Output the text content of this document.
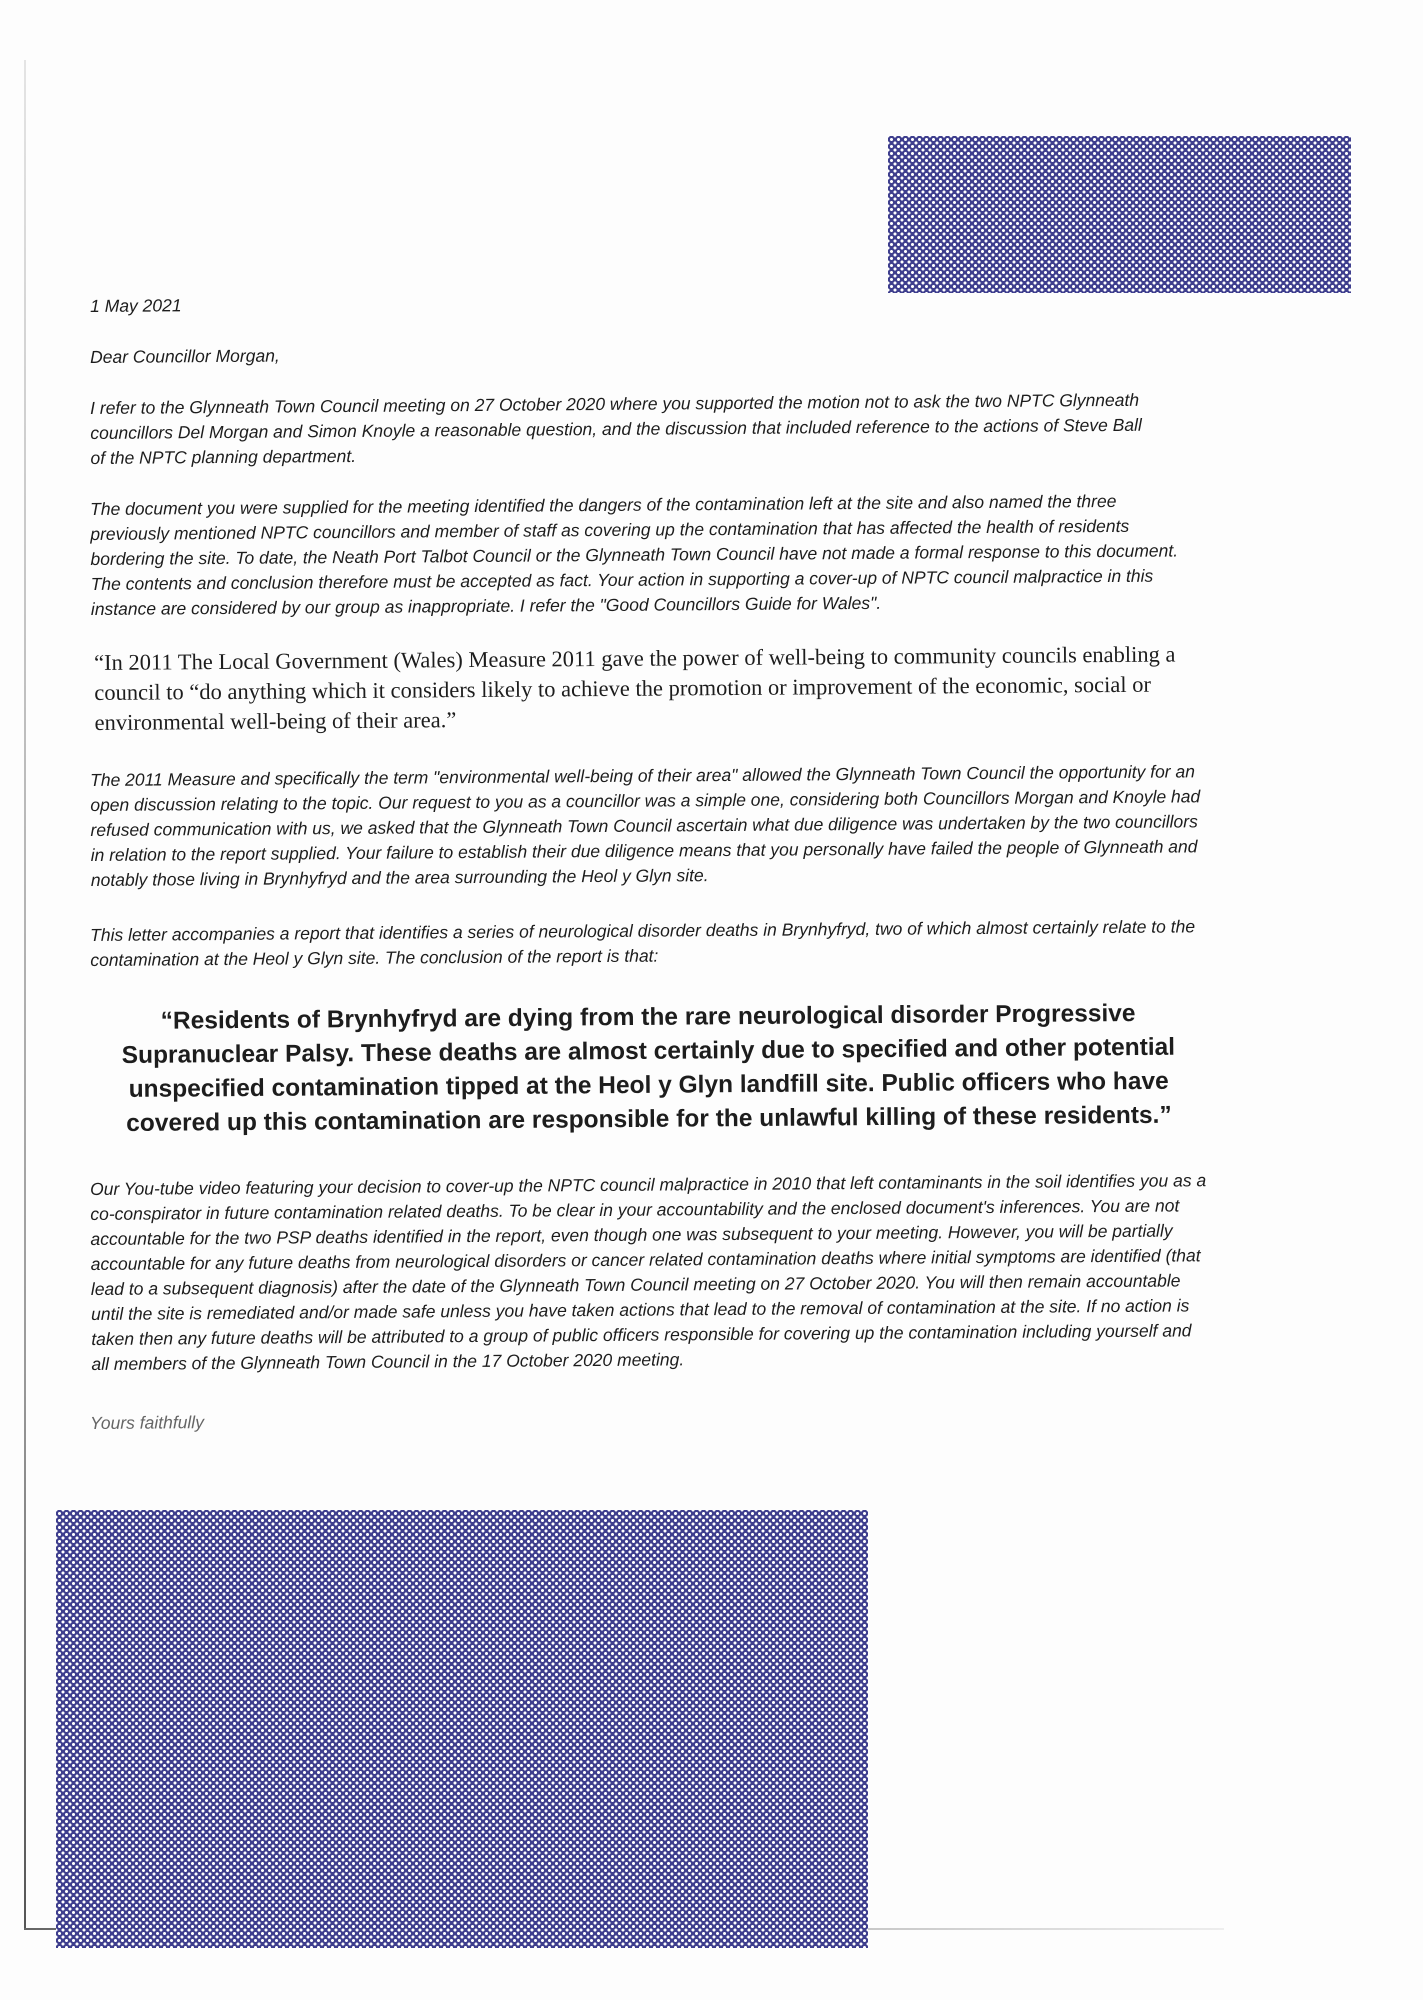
1 May 2021

Dear Councillor Morgan,

I refer to the Glynneath Town Council meeting on 27 October 2020 where you supported the motion not to ask the two NPTC Glynneath councillors Del Morgan and Simon Knoyle a reasonable question, and the discussion that included reference to the actions of Steve Ball of the NPTC planning department.

The document you were supplied for the meeting identified the dangers of the contamination left at the site and also named the three previously mentioned NPTC councillors and member of staff as covering up the contamination that has affected the health of residents bordering the site. To date, the Neath Port Talbot Council or the Glynneath Town Council have not made a formal response to this document. The contents and conclusion therefore must be accepted as fact. Your action in supporting a cover-up of NPTC council malpractice in this instance are considered by our group as inappropriate. I refer the "Good Councillors Guide for Wales".

“In 2011 The Local Government (Wales) Measure 2011 gave the power of well-being to community councils enabling a council to “do anything which it considers likely to achieve the promotion or improvement of the economic, social or environmental well-being of their area.”

The 2011 Measure and specifically the term "environmental well-being of their area" allowed the Glynneath Town Council the opportunity for an open discussion relating to the topic. Our request to you as a councillor was a simple one, considering both Councillors Morgan and Knoyle had refused communication with us, we asked that the Glynneath Town Council ascertain what due diligence was undertaken by the two councillors in relation to the report supplied. Your failure to establish their due diligence means that you personally have failed the people of Glynneath and notably those living in Brynhyfryd and the area surrounding the Heol y Glyn site.

This letter accompanies a report that identifies a series of neurological disorder deaths in Brynhyfryd, two of which almost certainly relate to the contamination at the Heol y Glyn site. The conclusion of the report is that:

“Residents of Brynhyfryd are dying from the rare neurological disorder Progressive Supranuclear Palsy. These deaths are almost certainly due to specified and other potential unspecified contamination tipped at the Heol y Glyn landfill site. Public officers who have covered up this contamination are responsible for the unlawful killing of these residents.”

Our You-tube video featuring your decision to cover-up the NPTC council malpractice in 2010 that left contaminants in the soil identifies you as a co-conspirator in future contamination related deaths. To be clear in your accountability and the enclosed document's inferences. You are not accountable for the two PSP deaths identified in the report, even though one was subsequent to your meeting. However, you will be partially accountable for any future deaths from neurological disorders or cancer related contamination deaths where initial symptoms are identified (that lead to a subsequent diagnosis) after the date of the Glynneath Town Council meeting on 27 October 2020. You will then remain accountable until the site is remediated and/or made safe unless you have taken actions that lead to the removal of contamination at the site. If no action is taken then any future deaths will be attributed to a group of public officers responsible for covering up the contamination including yourself and all members of the Glynneath Town Council in the 17 October 2020 meeting.

Yours faithfully
